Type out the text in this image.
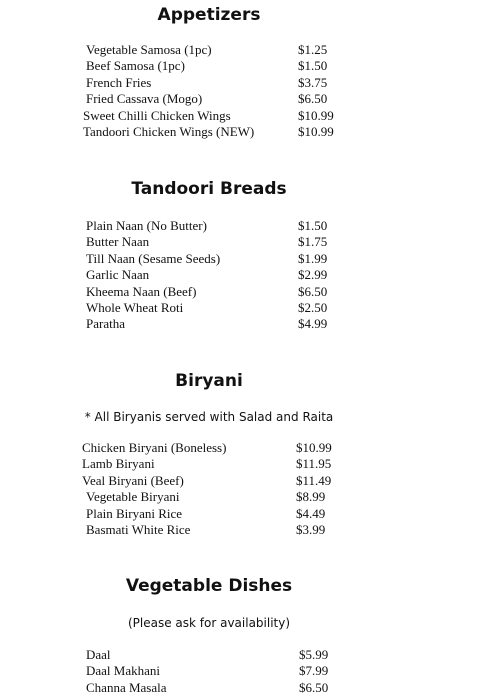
Appetizers
Tandoori Breads
Biryani
* All Biryanis served with Salad and Raita
Vegetable Dishes
(Please ask for availability)
Vegetable Samosa (1pc)	$1.25
Beef Samosa (1pc)	$1.50
French Fries	$3.75
Fried Cassava (Mogo)	$6.50
Sweet Chilli Chicken Wings	$10.99
Tandoori Chicken Wings (NEW)	$10.99
Plain Naan (No Butter)	$1.50
Butter Naan	$1.75
Till Naan (Sesame Seeds)	$1.99
Garlic Naan	$2.99
Kheema Naan (Beef)	$6.50
Whole Wheat Roti	$2.50
Paratha	$4.99
Chicken Biryani (Boneless)	$10.99
Lamb Biryani	$11.95
Veal Biryani (Beef)	$11.49
Vegetable Biryani	$8.99
Plain Biryani Rice	$4.49
Basmati White Rice	$3.99
Daal	$5.99
Daal Makhani	$7.99
Channa Masala	$6.50
